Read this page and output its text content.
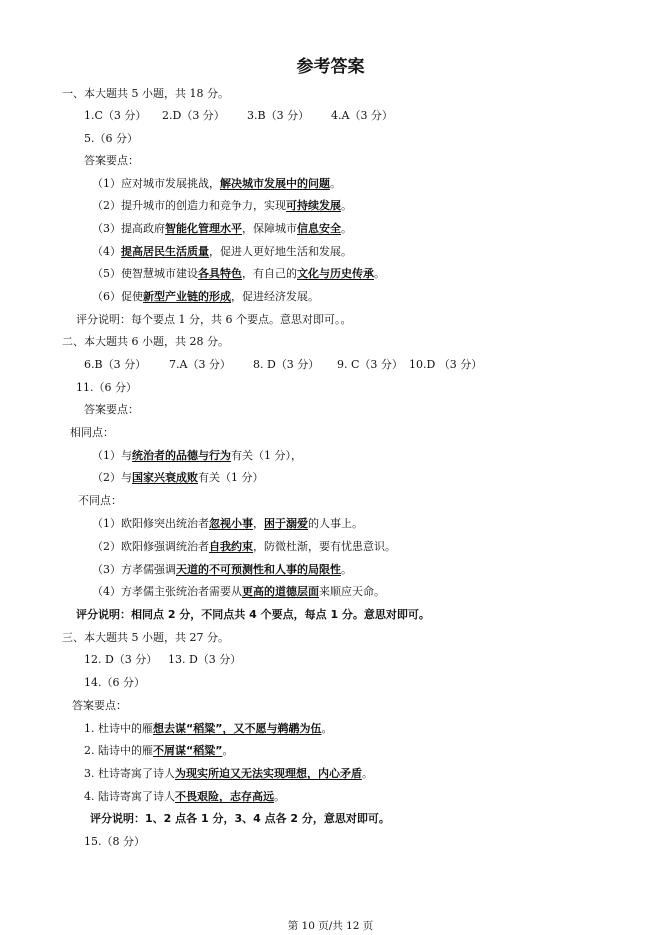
参考答案
一、本大题共 5 小题，共 18 分。
1.C（3 分） 2.D（3 分） 3.B（3 分） 4.A（3 分）
5.（6 分）
答案要点：
（1）应对城市发展挑战，解决城市发展中的问题。
（2）提升城市的创造力和竞争力，实现可持续发展。
（3）提高政府智能化管理水平，保障城市信息安全。
（4）提高居民生活质量，促进人更好地生活和发展。
（5）使智慧城市建设各具特色，有自己的文化与历史传承。
（6）促使新型产业链的形成，促进经济发展。
评分说明：每个要点 1 分，共 6 个要点。意思对即可。。
二、本大题共 6 小题，共 28 分。
6.B（3 分） 7.A（3 分） 8. D（3 分） 9. C（3 分） 10.D （3 分）
11.（6 分）
答案要点：
相同点：
（1）与统治者的品德与行为有关（1 分），
（2）与国家兴衰成败有关（1 分）
不同点：
（1）欧阳修突出统治者忽视小事，困于溺爱的人事上。
（2）欧阳修强调统治者自我约束，防微杜渐，要有忧患意识。
（3）方孝儒强调天道的不可预测性和人事的局限性。
（4）方孝儒主张统治者需要从更高的道德层面来顺应天命。
评分说明：相同点 2 分，不同点共 4 个要点，每点 1 分。意思对即可。
三、本大题共 5 小题，共 27 分。
12. D（3 分） 13. D（3 分）
14.（6 分）
答案要点：
1. 杜诗中的雁想去谋“稻粱”，又不愿与鹈鹕为伍。
2. 陆诗中的雁不屑谋“稻粱”。
3. 杜诗寄寓了诗人为现实所迫又无法实现理想，内心矛盾。
4. 陆诗寄寓了诗人不畏艰险，志存高远。
评分说明：1、2 点各 1 分，3、4 点各 2 分，意思对即可。
15.（8 分）
第 10 页/共 12 页
